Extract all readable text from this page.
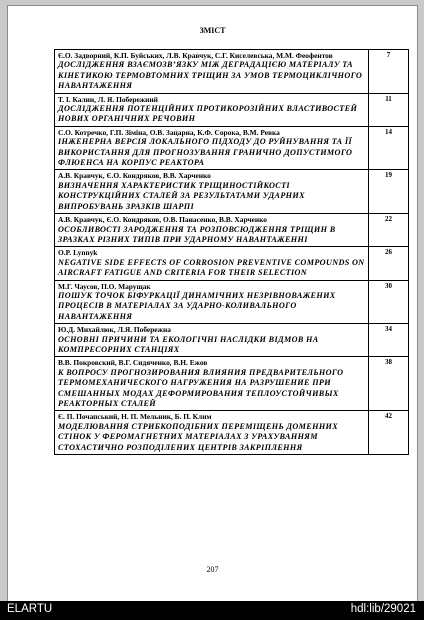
ЗМІСТ
Є.О. Задворний, К.П. Буйських, Л.В. Кравчук, С.Г. Киселевська, М.М. Феофентов
ДОСЛІДЖЕННЯ ВЗАЄМОЗВ’ЯЗКУ МІЖ ДЕГРАДАЦІЄЮ МАТЕРІАЛУ ТА КІНЕТИКОЮ ТЕРМОВТОМНИХ ТРІЩИН ЗА УМОВ ТЕРМОЦИКЛІЧНОГО НАВАНТАЖЕННЯ	7

Т. І. Калин, Л. Я. Побережний
ДОСЛІДЖЕННЯ ПОТЕНЦІЙНИХ ПРОТИКОРОЗІЙНИХ ВЛАСТИВОСТЕЙ НОВИХ ОРГАНІЧНИХ РЕЧОВИН	11

С.О. Котречко, Г.П. Зіміна, О.В. Зацарна, К.Ф. Сорока, В.М. Ревка
ІНЖЕНЕРНА ВЕРСІЯ ЛОКАЛЬНОГО ПІДХОДУ ДО РУЙНУВАННЯ ТА ЇЇ ВИКОРИСТАННЯ ДЛЯ ПРОГНОЗУВАННЯ ГРАНИЧНО ДОПУСТИМОГО ФЛЮЕНСА НА КОРПУС РЕАКТОРА	14

А.В. Кравчук, Є.О. Кондряков, В.В. Харченко
ВИЗНАЧЕННЯ ХАРАКТЕРИСТИК ТРІЩИНОСТІЙКОСТІ КОНСТРУКЦІЙНИХ СТАЛЕЙ ЗА РЕЗУЛЬТАТАМИ УДАРНИХ ВИПРОБУВАНЬ ЗРАЗКІВ ШАРПІ	19

А.В. Кравчук, Є.О. Кондряков, О.В. Панасенко, В.В. Харченко
ОСОБЛИВОСТІ ЗАРОДЖЕННЯ ТА РОЗПОВСЮДЖЕННЯ ТРІЩИН В ЗРАЗКАХ РІЗНИХ ТИПІВ ПРИ УДАРНОМУ НАВАНТАЖЕННІ	22

O.P. Lynnyk
NEGATIVE SIDE EFFECTS OF CORROSION PREVENTIVE COMPOUNDS ON AIRCRAFT FATIGUE AND CRITERIA FOR THEIR SELECTION	26

М.Г. Чаусов, П.О. Марущак
ПОШУК ТОЧОК БІФУРКАЦІЇ ДИНАМІЧНИХ НЕЗРІВНОВАЖЕНИХ ПРОЦЕСІВ В МАТЕРІАЛАХ ЗА УДАРНО-КОЛИВАЛЬНОГО НАВАНТАЖЕННЯ	30

Ю.Д. Михайлюк, Л.Я. Побережна
ОСНОВНІ ПРИЧИНИ ТА ЕКОЛОГІЧНІ НАСЛІДКИ ВІДМОВ НА КОМПРЕСОРНИХ СТАНЦІЯХ	34

В.В. Покровский, В.Г. Сидяченко, В.Н. Ежов
К ВОПРОСУ ПРОГНОЗИРОВАНИЯ ВЛИЯНИЯ ПРЕДВАРИТЕЛЬНОГО ТЕРМОМЕХАНИЧЕСКОГО НАГРУЖЕНИЯ НА РАЗРУШЕНИЕ ПРИ СМЕШАННЫХ МОДАХ ДЕФОРМИРОВАНИЯ ТЕПЛОУСТОЙЧИВЫХ РЕАКТОРНЫХ СТАЛЕЙ	38

Є. П. Почапський, Н. П. Мельник, Б. П. Клим
МОДЕЛЮВАННЯ СТРИБКОПОДІБНИХ ПЕРЕМІЩЕНЬ ДОМЕННИХ СТІНОК У ФЕРОМАГНЕТНИХ МАТЕРІАЛАХ З УРАХУВАННЯМ СТОХАСТИЧНО РОЗПОДІЛЕНИХ ЦЕНТРІВ ЗАКРІПЛЕННЯ	42
207
ELARTU	hdl:lib/29021
